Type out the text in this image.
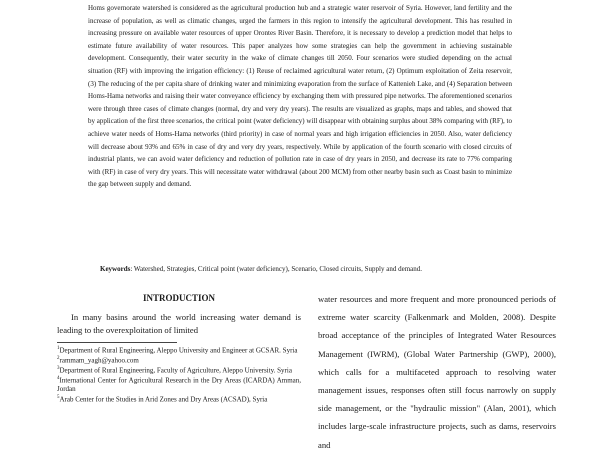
Homs governorate watershed is considered as the agricultural production hub and a strategic water reservoir of Syria. However, land fertility and the increase of population, as well as climatic changes, urged the farmers in this region to intensify the agricultural development. This has resulted in increasing pressure on available water resources of upper Orontes River Basin. Therefore, it is necessary to develop a prediction model that helps to estimate future availability of water resources. This paper analyzes how some strategies can help the government in achieving sustainable development. Consequently, their water security in the wake of climate changes till 2050. Four scenarios were studied depending on the actual situation (RF) with improving the irrigation efficiency: (1) Reuse of reclaimed agricultural water return, (2) Optimum exploitation of Zeita reservoir, (3) The reducing of the per capita share of drinking water and minimizing evaporation from the surface of Kattenieh Lake, and (4) Separation between Homs-Hama networks and raising their water conveyance efficiency by exchanging them with pressured pipe networks. The aforementioned scenarios were through three cases of climate changes (normal, dry and very dry years). The results are visualized as graphs, maps and tables, and showed that by application of the first three scenarios, the critical point (water deficiency) will disappear with obtaining surplus about 38% comparing with (RF), to achieve water needs of Homs-Hama networks (third priority) in case of normal years and high irrigation efficiencies in 2050. Also, water deficiency will decrease about 93% and 65% in case of dry and very dry years, respectively. While by application of the fourth scenario with closed circuits of industrial plants, we can avoid water deficiency and reduction of pollution rate in case of dry years in 2050, and decrease its rate to 77% comparing with (RF) in case of very dry years. This will necessitate water withdrawal (about 200 MCM) from other nearby basin such as Coast basin to minimize the gap between supply and demand.

Keywords: Watershed, Strategies, Critical point (water deficiency), Scenario, Closed circuits, Supply and demand.
INTRODUCTION

In many basins around the world increasing water demand is leading to the overexploitation of limited

$^1$Department of Rural Engineering, Aleppo University and Engineer at GCSAR. Syria

$^2$rammam_yagh@yahoo.com

$^3$Department of Rural Engineering, Faculty of Agriculture, Aleppo University. Syria

$^4$International Center for Agricultural Research in the Dry Areas (ICARDA) Amman, Jordan

$^5$Arab Center for the Studies in Arid Zones and Dry Areas (ACSAD), Syria

water resources and more frequent and more pronounced periods of extreme water scarcity (Falkenmark and Molden, 2008). Despite broad acceptance of the principles of Integrated Water Resources Management (IWRM), (Global Water Partnership (GWP), 2000), which calls for a multifaceted approach to resolving water management issues, responses often still focus narrowly on supply side management, or the "hydraulic mission" (Alan, 2001), which includes large-scale infrastructure projects, such as dams, reservoirs and
